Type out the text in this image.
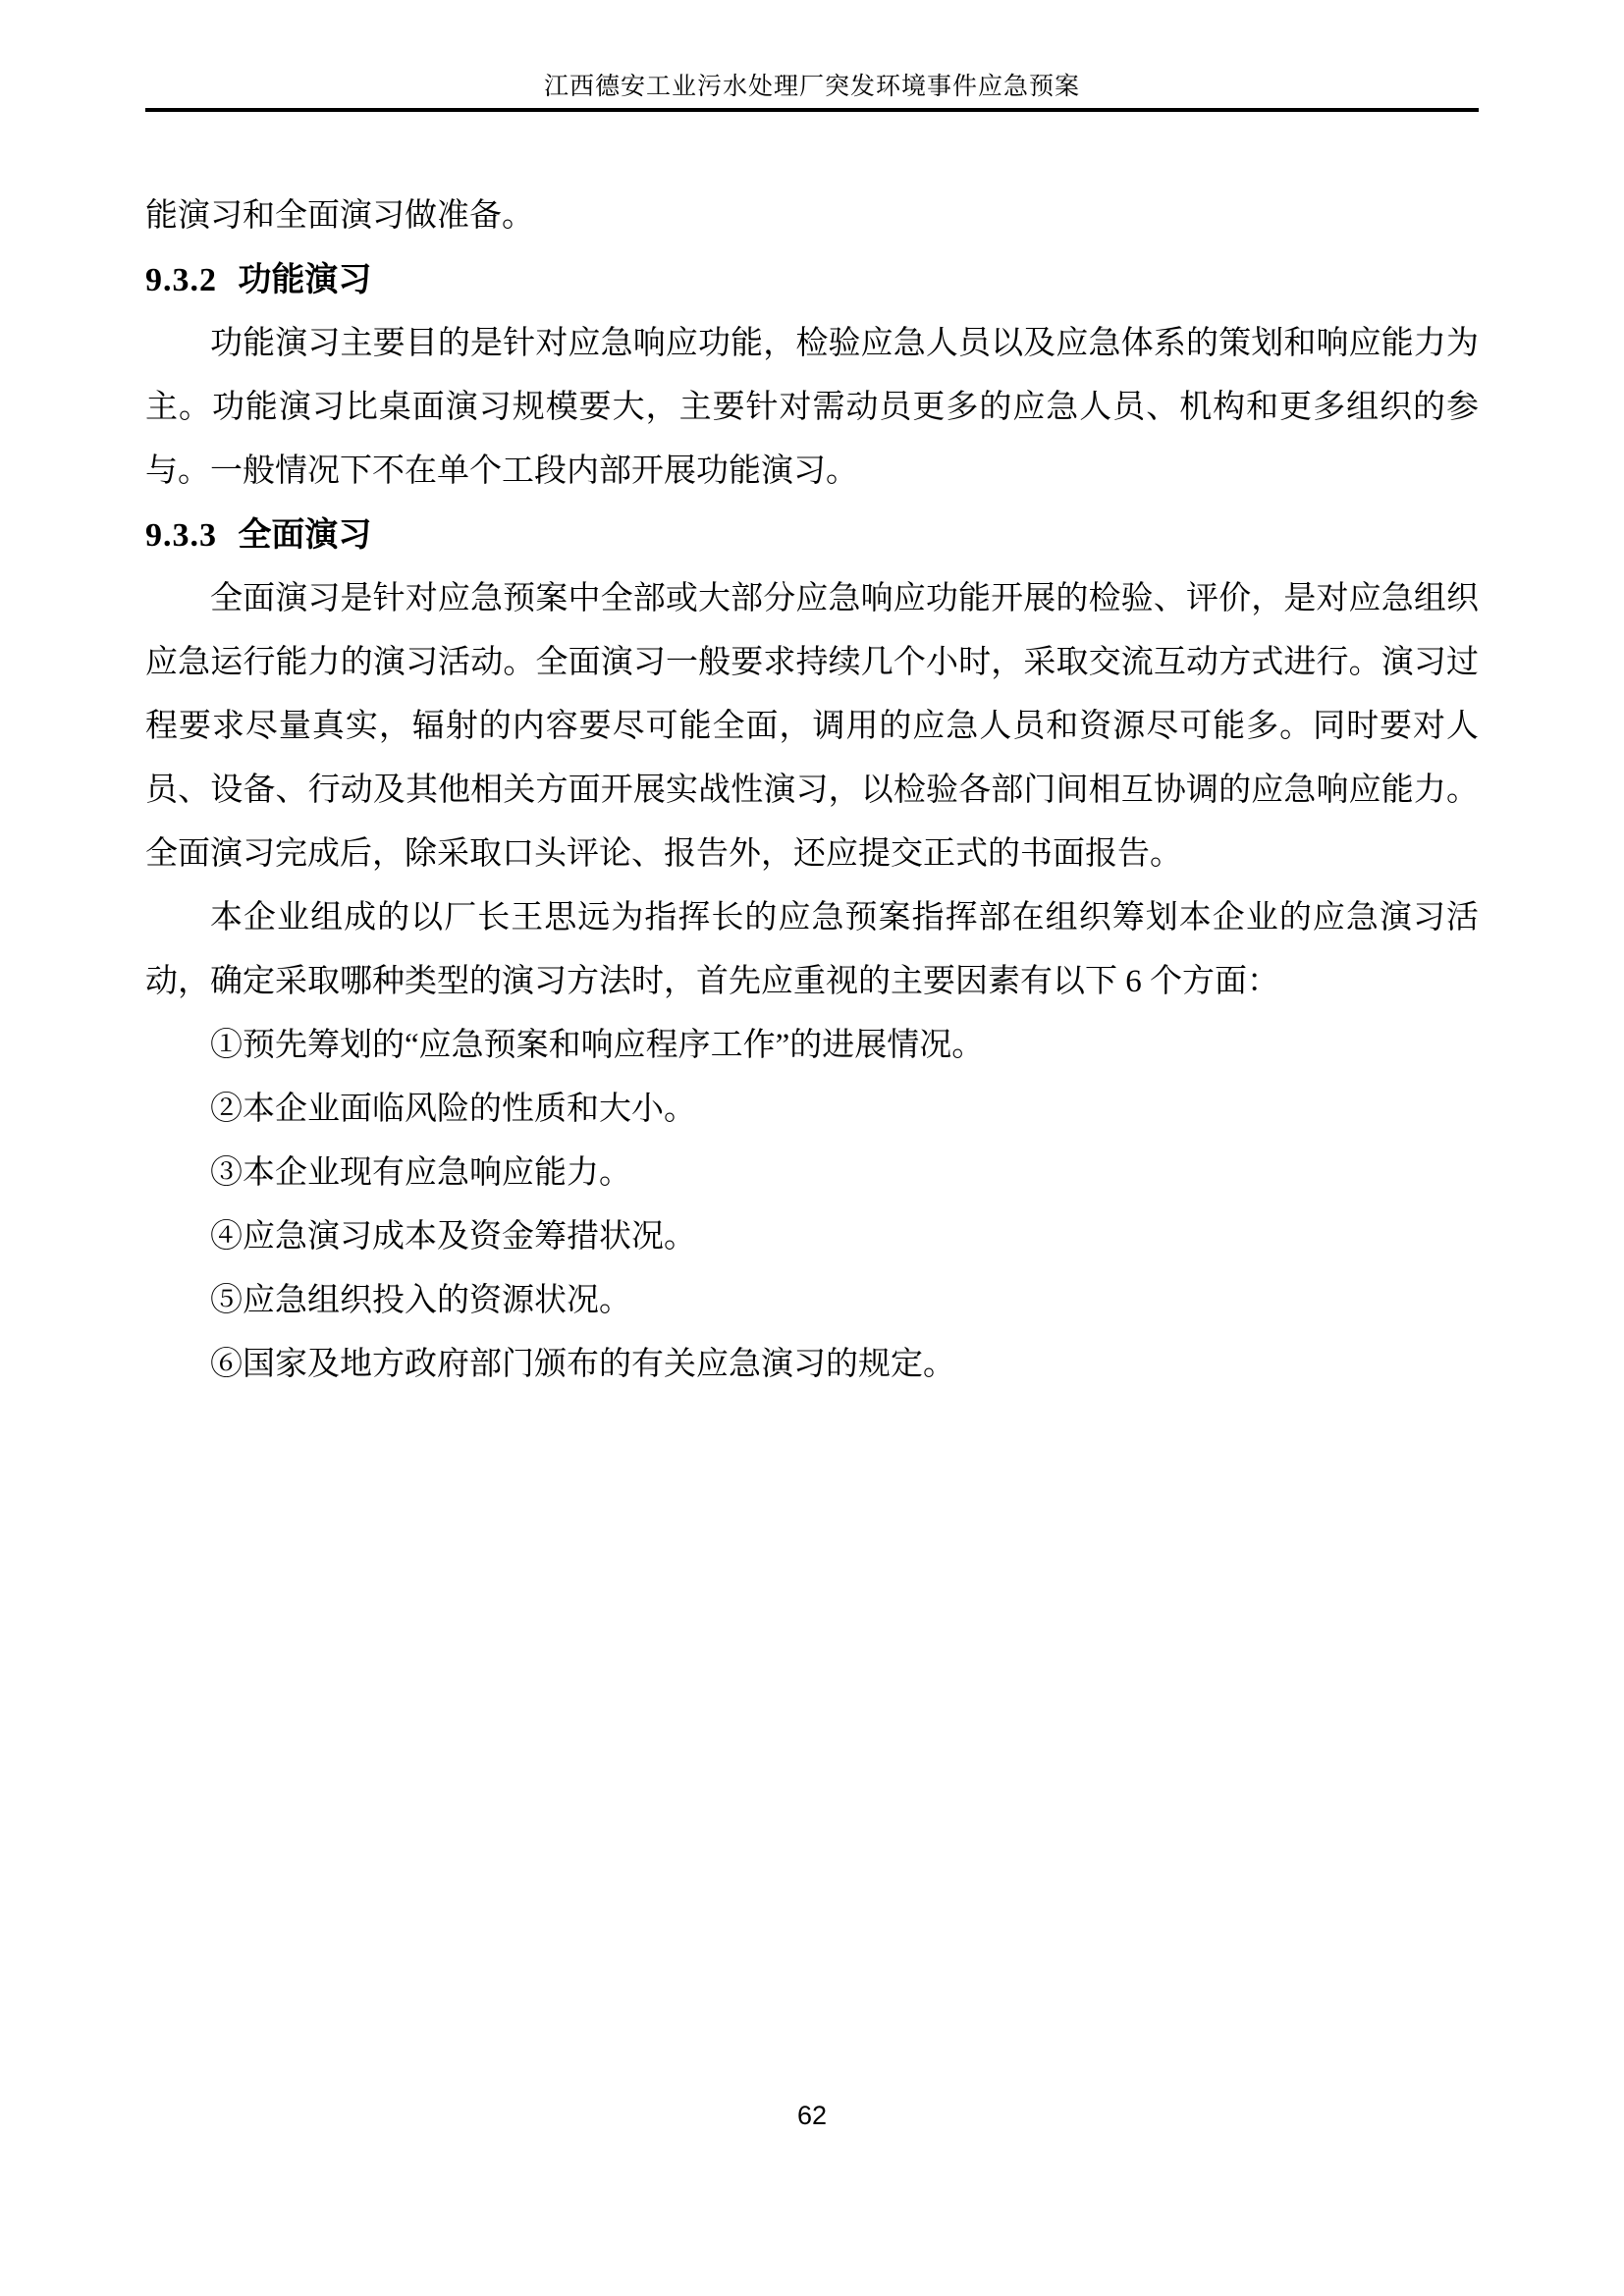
江西德安工业污水处理厂突发环境事件应急预案

能演习和全面演习做准备。

9.3.2 功能演习

功能演习主要目的是针对应急响应功能，检验应急人员以及应急体系的策划和响应能力为主。功能演习比桌面演习规模要大，主要针对需动员更多的应急人员、机构和更多组织的参与。一般情况下不在单个工段内部开展功能演习。

9.3.3 全面演习

全面演习是针对应急预案中全部或大部分应急响应功能开展的检验、评价，是对应急组织应急运行能力的演习活动。全面演习一般要求持续几个小时，采取交流互动方式进行。演习过程要求尽量真实，辐射的内容要尽可能全面，调用的应急人员和资源尽可能多。同时要对人员、设备、行动及其他相关方面开展实战性演习，以检验各部门间相互协调的应急响应能力。全面演习完成后，除采取口头评论、报告外，还应提交正式的书面报告。

本企业组成的以厂长王思远为指挥长的应急预案指挥部在组织筹划本企业的应急演习活动，确定采取哪种类型的演习方法时，首先应重视的主要因素有以下 6 个方面：

①预先筹划的“应急预案和响应程序工作”的进展情况。

②本企业面临风险的性质和大小。

③本企业现有应急响应能力。

④应急演习成本及资金筹措状况。

⑤应急组织投入的资源状况。

⑥国家及地方政府部门颁布的有关应急演习的规定。

62
